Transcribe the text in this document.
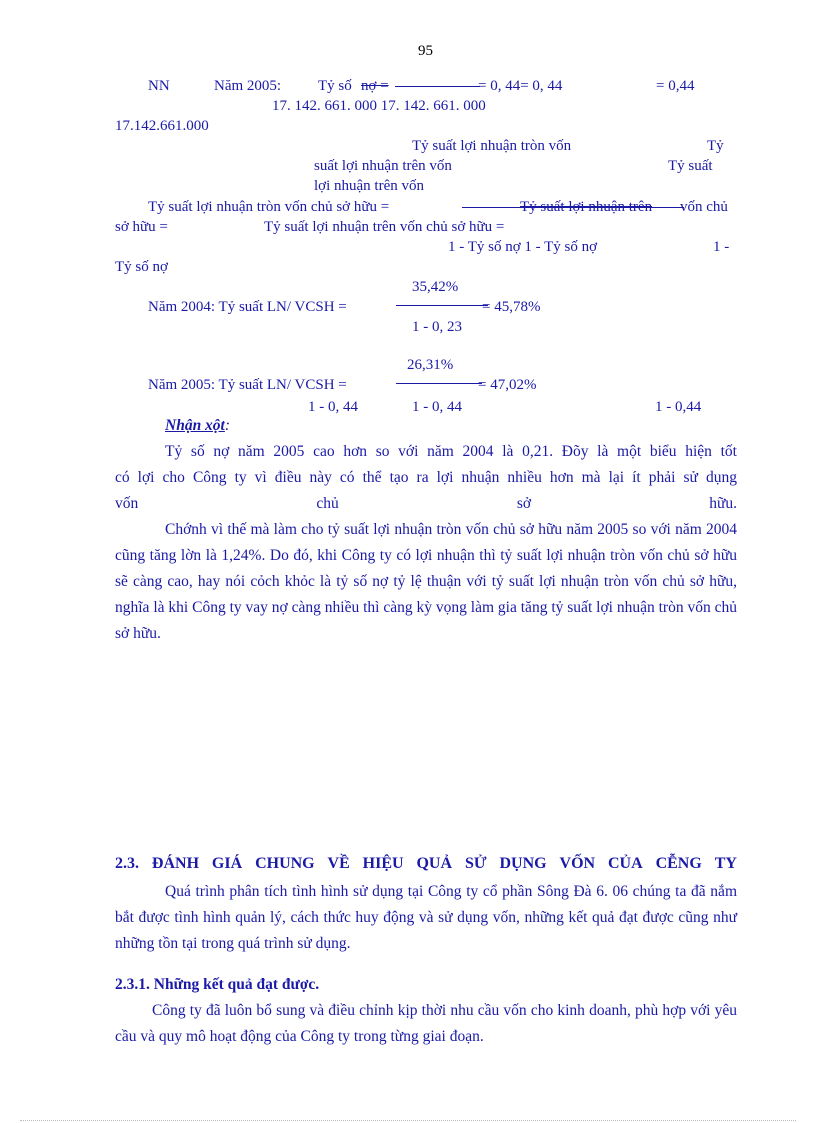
95
NN	Năm 2005: Tỷ số nợ =	= 0, 44= 0, 44	= 0,44
17. 142. 661. 000 17. 142. 661. 000
17.142.661.000
Tỷ suất lợi nhuận tròn vốn	Tỷ
suất lợi nhuận trên vốn	Tỷ suất
lợi nhuận trên vốn
Tỷ suất lợi nhuận tròn vốn chủ sở hữu =	Tỷ suất lợi nhuận trên vốn chủ
sở hữu =	Tỷ suất lợi nhuận trên vốn chủ sở hữu =
1 - Tỷ số nợ 1 - Tỷ số nợ	1 -
Tỷ số nợ
35,42%
Năm 2004: Tỷ suất LN/ VCSH =	= 45,78%
1 - 0, 23
26,31%
Năm 2005: Tỷ suất LN/ VCSH =	= 47,02%
1 - 0, 44	1 - 0, 44	1 - 0,44
Nhận xột:
Tỷ số nợ năm 2005 cao hơn so với năm 2004 là 0,21. Đõy là một biểu hiện tốt
có lợi cho Công ty vì điều này có thể tạo ra lợi nhuận nhiều hơn mà lại ít phải sử dụng
vốn	chủ	sở	hữu.
Chớnh vì thế mà làm cho tỷ suất lợi nhuận tròn vốn chủ sở hữu năm 2005 so với năm 2004 cũng tăng lờn là 1,24%. Do đó, khi Công ty có lợi nhuận thì tỷ suất lợi nhuận tròn vốn chủ sở hữu sẽ càng cao, hay nói cỏch khỏc là tỷ số nợ tỷ lệ thuận với tỷ suất lợi nhuận tròn vốn chủ sở hữu, nghĩa là khi Công ty vay nợ càng nhiều thì càng kỳ vọng làm gia tăng tỷ suất lợi nhuận tròn vốn chủ sở hữu.
2.3. ĐÁNH GIÁ CHUNG VỀ HIỆU QUẢ SỬ DỤNG VỐN CỦA CỄNG TY
Quá trình phân tích tình hình sử dụng tại Công ty cổ phần Sông Đà 6. 06 chúng ta đã nắm bắt được tình hình quản lý, cách thức huy động và sử dụng vốn, những kết quả đạt được cũng như những tồn tại trong quá trình sử dụng.
2.3.1. Những kết quả đạt được.
Công ty đã luôn bổ sung và điều chỉnh kịp thời nhu cầu vốn cho kinh doanh, phù hợp với yêu cầu và quy mô hoạt động của Công ty trong từng giai đoạn.
